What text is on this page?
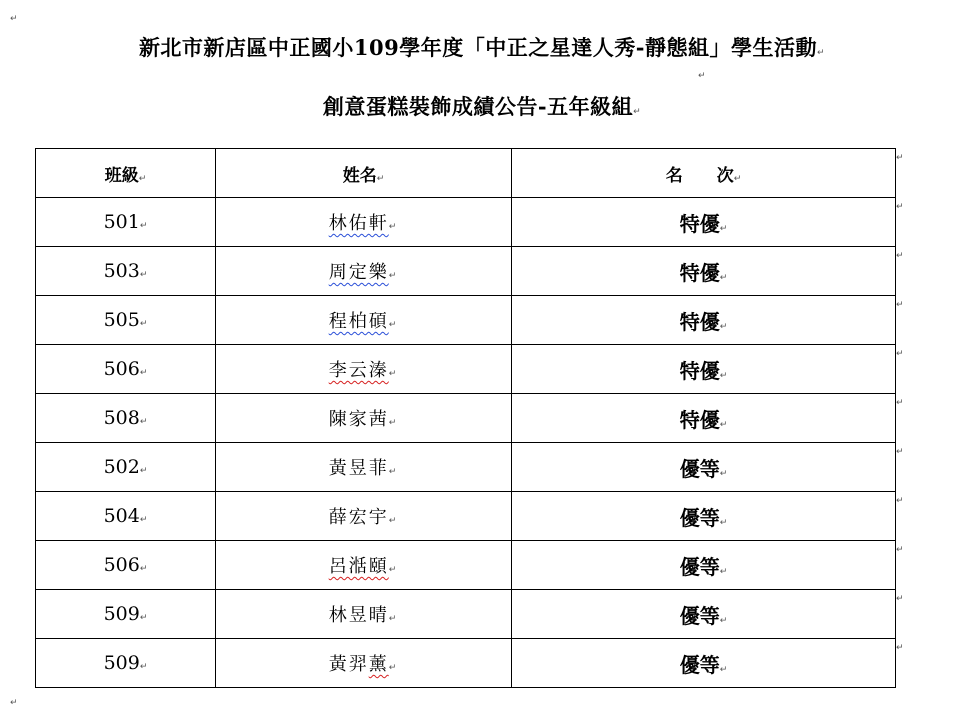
↵
新北市新店區中正國小109學年度「中正之星達人秀-靜態組」學生活動↵
↵
創意蛋糕裝飾成績公告-五年級組↵
班級↵	姓名↵	名　　次↵
501↵	林佑軒↵	特優↵
503↵	周定樂↵	特優↵
505↵	程柏碩↵	特優↵
506↵	李云溱↵	特優↵
508↵	陳家茜↵	特優↵
502↵	黃昱菲↵	優等↵
504↵	薛宏宇↵	優等↵
506↵	呂湉頤↵	優等↵
509↵	林昱晴↵	優等↵
509↵	黃羿薰↵	優等↵
↵
↵
↵
↵
↵
↵
↵
↵
↵
↵
↵
↵
